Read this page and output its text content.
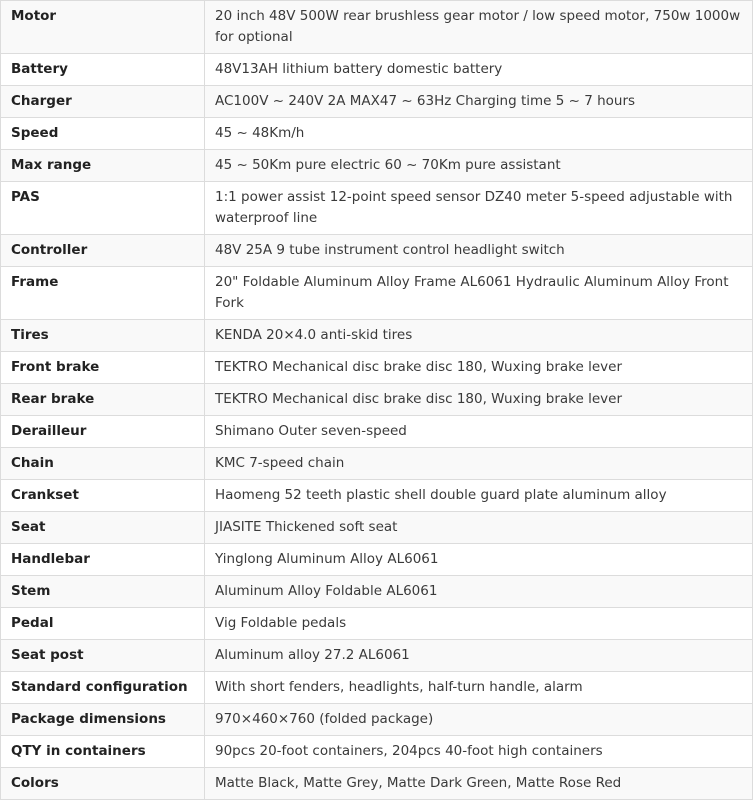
Motor	20 inch 48V 500W rear brushless gear motor / low speed motor, 750w 1000w for optional
Battery	48V13AH lithium battery domestic battery
Charger	AC100V ~ 240V 2A MAX47 ~ 63Hz Charging time 5 ~ 7 hours
Speed	45 ~ 48Km/h
Max range	45 ~ 50Km pure electric 60 ~ 70Km pure assistant
PAS	1:1 power assist 12-point speed sensor DZ40 meter 5-speed adjustable with waterproof line
Controller	48V 25A 9 tube instrument control headlight switch
Frame	20" Foldable Aluminum Alloy Frame AL6061 Hydraulic Aluminum Alloy Front Fork
Tires	KENDA 20×4.0 anti-skid tires
Front brake	TEKTRO Mechanical disc brake disc 180, Wuxing brake lever
Rear brake	TEKTRO Mechanical disc brake disc 180, Wuxing brake lever
Derailleur	Shimano Outer seven-speed
Chain	KMC 7-speed chain
Crankset	Haomeng 52 teeth plastic shell double guard plate aluminum alloy
Seat	JIASITE Thickened soft seat
Handlebar	Yinglong Aluminum Alloy AL6061
Stem	Aluminum Alloy Foldable AL6061
Pedal	Vig Foldable pedals
Seat post	Aluminum alloy 27.2 AL6061
Standard configuration	With short fenders, headlights, half-turn handle, alarm
Package dimensions	970×460×760 (folded package)
QTY in containers	90pcs 20-foot containers, 204pcs 40-foot high containers
Colors	Matte Black, Matte Grey, Matte Dark Green, Matte Rose Red
